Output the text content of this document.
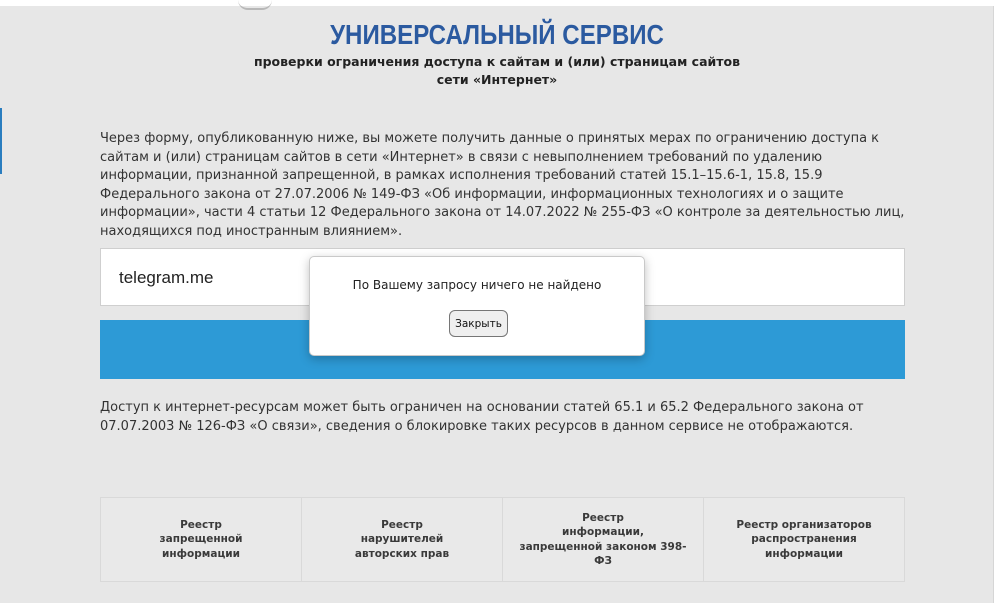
УНИВЕРСАЛЬНЫЙ СЕРВИС
проверки ограничения доступа к сайтам и (или) страницам сайтов
сети «Интернет»

Через форму, опубликованную ниже, вы можете получить данные о принятых мерах по ограничению доступа к сайтам и (или) страницам сайтов в сети «Интернет» в связи с невыполнением требований по удалению информации, признанной запрещенной, в рамках исполнения требований статей 15.1–15.6-1, 15.8, 15.9 Федерального закона от 27.07.2006 № 149-ФЗ «Об информации, информационных технологиях и о защите информации», части 4 статьи 12 Федерального закона от 14.07.2022 № 255-ФЗ «О контроле за деятельностью лиц, находящихся под иностранным влиянием».

telegram.me

Доступ к интернет-ресурсам может быть ограничен на основании статей 65.1 и 65.2 Федерального закона от 07.07.2003 № 126-ФЗ «О связи», сведения о блокировке таких ресурсов в данном сервисе не отображаются.

Реестр
запрещенной
информации
Реестр
нарушителей
авторских прав
Реестр
информации,
запрещенной законом 398-ФЗ
Реестр организаторов
распространения информации
По Вашему запросу ничего не найдено
Закрыть
